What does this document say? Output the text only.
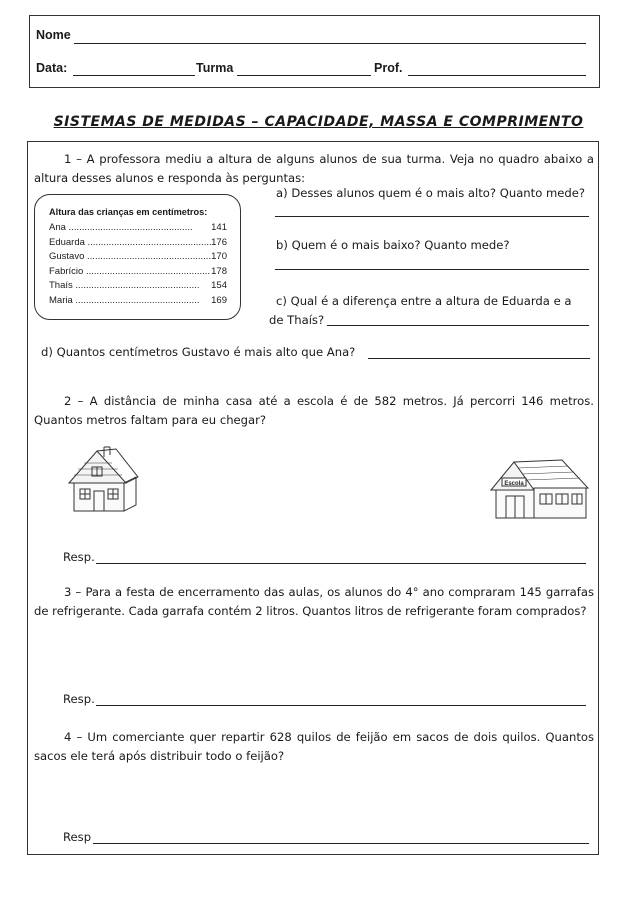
Nome
Data:	Turma	Prof.
SISTEMAS DE MEDIDAS – CAPACIDADE, MASSA E COMPRIMENTO
1 – A professora mediu a altura de alguns alunos de sua turma. Veja no quadro abaixo a altura desses alunos e responda às perguntas:
Altura das crianças em centímetros:
Ana ...............................................	141
Eduarda ............................................... 176
Gustavo ............................................... 170
Fabrício ............................................... 178
Thaís ...............................................	154
Maria ...............................................	169
a) Desses alunos quem é o mais alto? Quanto mede?
b) Quem é o mais baixo? Quanto mede?
c) Qual é a diferença entre a altura de Eduarda e a
de Thaís?
d) Quantos centímetros Gustavo é mais alto que Ana?
2 – A distância de minha casa até a escola é de 582 metros. Já percorri 146 metros. Quantos metros faltam para eu chegar?
Escola
Resp.
3 – Para a festa de encerramento das aulas, os alunos do 4° ano compraram 145 garrafas de refrigerante. Cada garrafa contém 2 litros. Quantos litros de refrigerante foram comprados?
Resp.
4 – Um comerciante quer repartir 628 quilos de feijão em sacos de dois quilos. Quantos sacos ele terá após distribuir todo o feijão?
Resp
